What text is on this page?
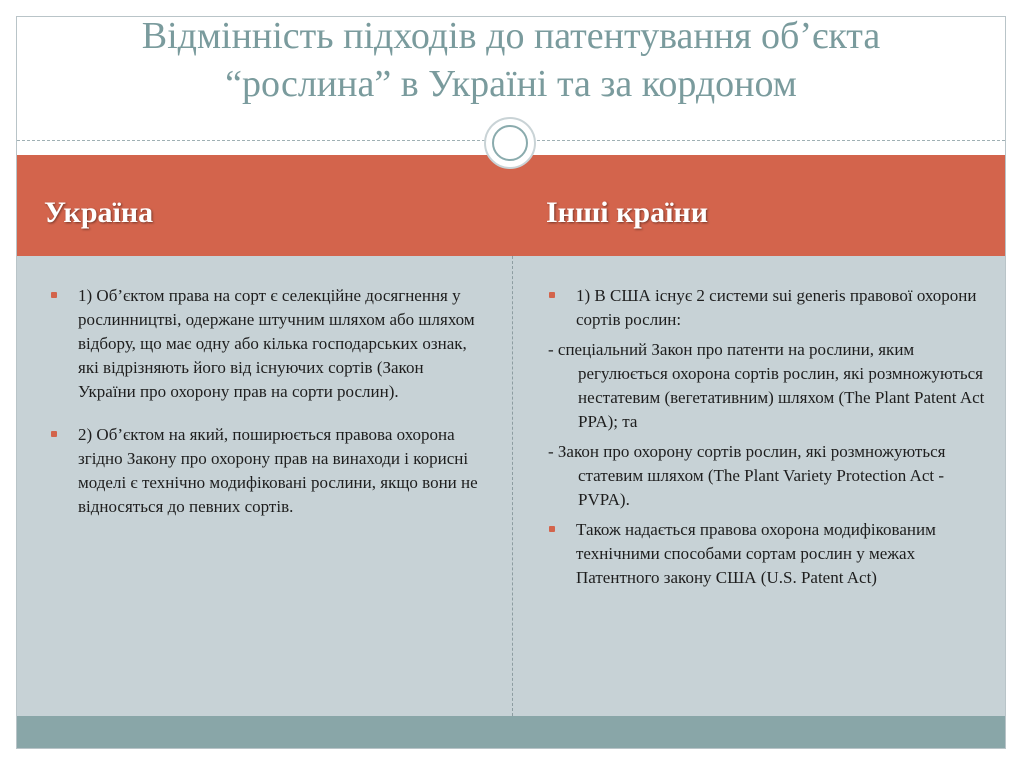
Відмінність підходів до патентування об’єкта
“рослина” в Україні та за кордоном
Україна	Інші країни
1) Об’єктом права на сорт є селекційне досягнення у рослинництві, одержане штучним шляхом або шляхом відбору, що має одну або кілька господарських ознак, які відрізняють його від існуючих сортів (Закон України про охорону прав на сорти рослин).
2) Об’єктом на який, поширюється правова охорона згідно Закону про охорону прав на винаходи і корисні моделі є технічно модифіковані рослини, якщо вони не відносяться до певних сортів.
1) В США існує 2 системи sui generis правової охорони сортів рослин:
- спеціальний Закон про патенти на рослини, яким регулюється охорона сортів рослин, які розмножуються нестатевим (вегетативним) шляхом (The Plant Patent Act PPA); та
- Закон про охорону сортів рослин, які розмножуються статевим шляхом (The Plant Variety Protection Act - PVPA).
Також надається правова охорона модифікованим технічними способами сортам рослин у межах Патентного закону США (U.S. Patent Act)
